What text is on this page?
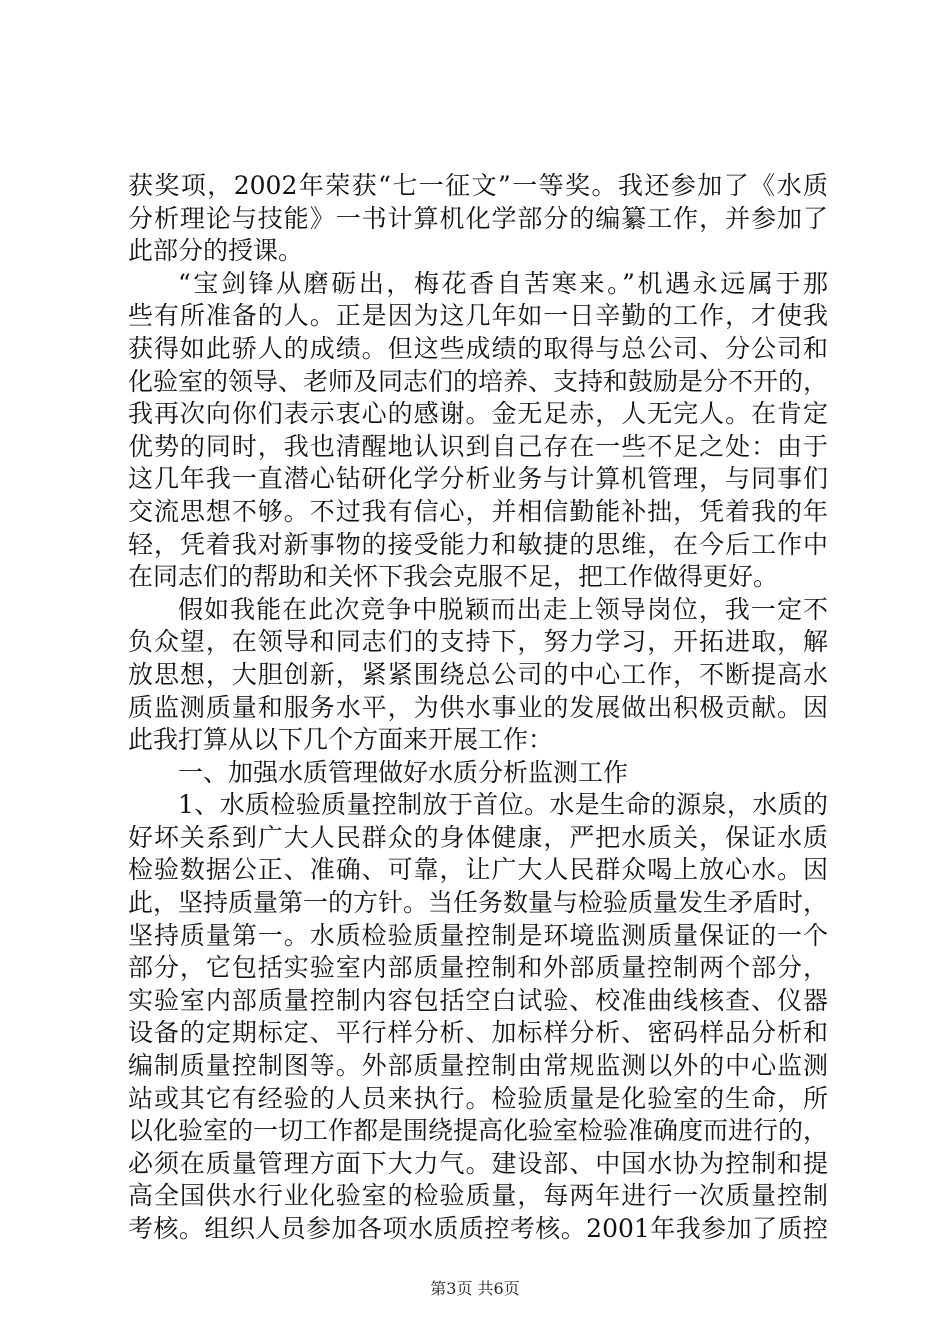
获奖项，2002年荣获“七一征文”一等奖。我还参加了《水质
分析理论与技能》一书计算机化学部分的编纂工作，并参加了
此部分的授课。
“宝剑锋从磨砺出，梅花香自苦寒来。”机遇永远属于那
些有所准备的人。正是因为这几年如一日辛勤的工作，才使我
获得如此骄人的成绩。但这些成绩的取得与总公司、分公司和
化验室的领导、老师及同志们的培养、支持和鼓励是分不开的，
我再次向你们表示衷心的感谢。金无足赤，人无完人。在肯定
优势的同时，我也清醒地认识到自己存在一些不足之处：由于
这几年我一直潜心钻研化学分析业务与计算机管理，与同事们
交流思想不够。不过我有信心，并相信勤能补拙，凭着我的年
轻，凭着我对新事物的接受能力和敏捷的思维，在今后工作中
在同志们的帮助和关怀下我会克服不足，把工作做得更好。
假如我能在此次竞争中脱颖而出走上领导岗位，我一定不
负众望，在领导和同志们的支持下，努力学习，开拓进取，解
放思想，大胆创新，紧紧围绕总公司的中心工作，不断提高水
质监测质量和服务水平，为供水事业的发展做出积极贡献。因
此我打算从以下几个方面来开展工作：
一、加强水质管理做好水质分析监测工作
1、水质检验质量控制放于首位。水是生命的源泉，水质的
好坏关系到广大人民群众的身体健康，严把水质关，保证水质
检验数据公正、准确、可靠，让广大人民群众喝上放心水。因
此，坚持质量第一的方针。当任务数量与检验质量发生矛盾时，
坚持质量第一。水质检验质量控制是环境监测质量保证的一个
部分，它包括实验室内部质量控制和外部质量控制两个部分，
实验室内部质量控制内容包括空白试验、校准曲线核查、仪器
设备的定期标定、平行样分析、加标样分析、密码样品分析和
编制质量控制图等。外部质量控制由常规监测以外的中心监测
站或其它有经验的人员来执行。检验质量是化验室的生命，所
以化验室的一切工作都是围绕提高化验室检验准确度而进行的，
必须在质量管理方面下大力气。建设部、中国水协为控制和提
高全国供水行业化验室的检验质量，每两年进行一次质量控制
考核。组织人员参加各项水质质控考核。2001年我参加了质控
第3页 共6页
